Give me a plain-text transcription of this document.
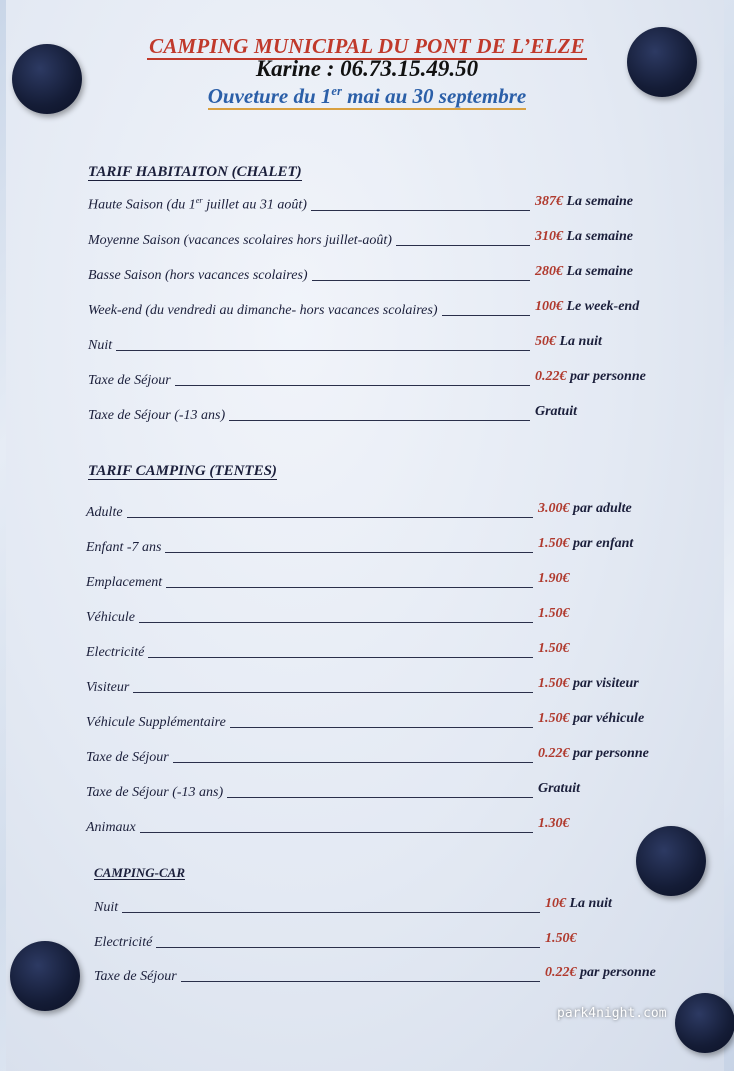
CAMPING MUNICIPAL DU PONT DE L’ELZE
Karine : 06.73.15.49.50
Ouveture du 1er mai au 30 septembre
TARIF HABITAITON (CHALET)
Haute Saison (du 1er juillet au 31 août)	387€ La semaine
Moyenne Saison (vacances scolaires hors juillet-août)	310€ La semaine
Basse Saison (hors vacances scolaires)	280€ La semaine
Week-end (du vendredi au dimanche- hors vacances scolaires)	100€ Le week-end
Nuit	50€ La nuit
Taxe de Séjour	0.22€ par personne
Taxe de Séjour (-13 ans)	Gratuit
TARIF CAMPING (TENTES)
Adulte	3.00€ par adulte
Enfant -7 ans	1.50€ par enfant
Emplacement	1.90€
Véhicule	1.50€
Electricité	1.50€
Visiteur	1.50€ par visiteur
Véhicule Supplémentaire	1.50€ par véhicule
Taxe de Séjour	0.22€ par personne
Taxe de Séjour (-13 ans)	Gratuit
Animaux	1.30€
CAMPING-CAR
Nuit	10€ La nuit
Electricité	1.50€
Taxe de Séjour	0.22€ par personne
park4night.com
